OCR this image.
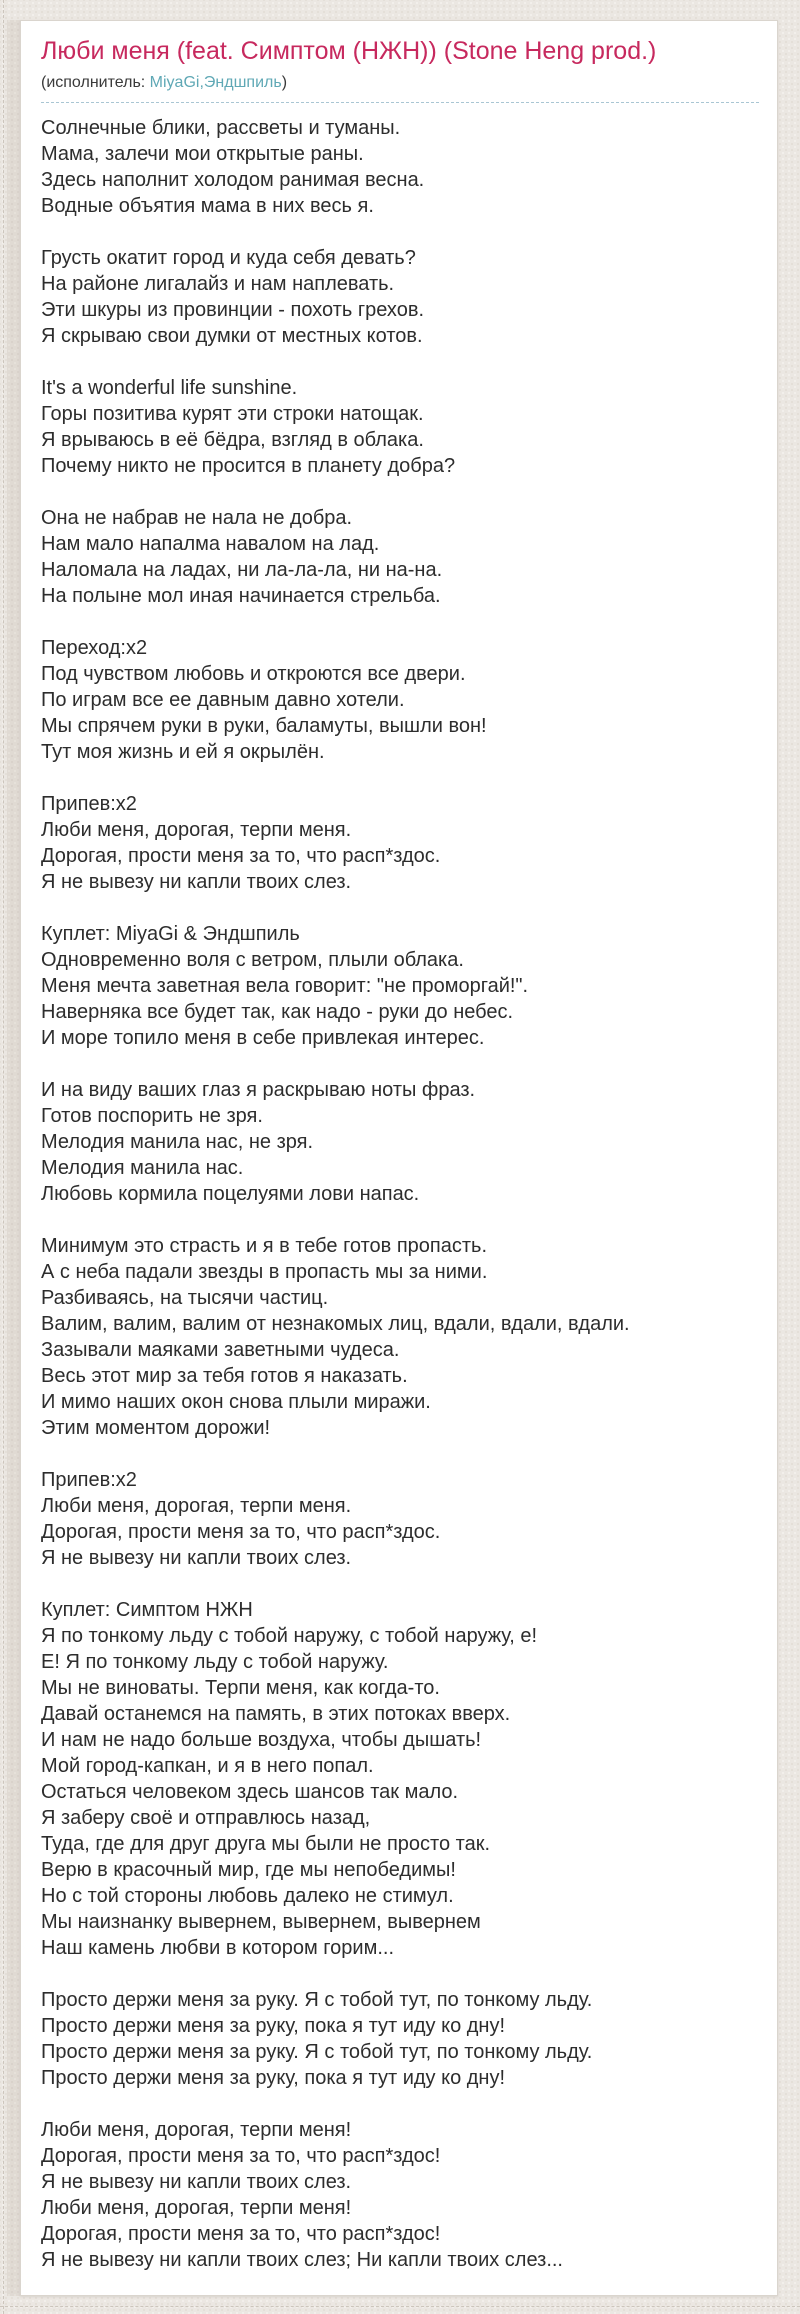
Люби меня (feat. Симптом (НЖН)) (Stone Heng prod.)

(исполнитель: MiyaGi,Эндшпиль)

Солнечные блики, рассветы и туманы.
Мама, залечи мои открытые раны.
Здесь наполнит холодом ранимая весна.
Водные объятия мама в них весь я.
Грусть окатит город и куда себя девать?
На районе лигалайз и нам наплевать.
Эти шкуры из провинции - похоть грехов.
Я скрываю свои думки от местных котов.
It's a wonderful life sunshine.
Горы позитива курят эти строки натощак.
Я врываюсь в её бёдра, взгляд в облака.
Почему никто не просится в планету добра?
Она не набрав не нала не добра.
Нам мало напалма навалом на лад.
Наломала на ладах, ни ла-ла-ла, ни на-на.
На полыне мол иная начинается стрельба.
Переход:x2
Под чувством любовь и откроются все двери.
По играм все ее давным давно хотели.
Мы спрячем руки в руки, баламуты, вышли вон!
Тут моя жизнь и ей я окрылён.
Припев:x2
Люби меня, дорогая, терпи меня.
Дорогая, прости меня за то, что расп*здос.
Я не вывезу ни капли твоих слез.
Куплет: MiyaGi & Эндшпиль
Одновременно воля с ветром, плыли облака.
Меня мечта заветная вела говорит: "не проморгай!".
Наверняка все будет так, как надо - руки до небес.
И море топило меня в себе привлекая интерес.
И на виду ваших глаз я раскрываю ноты фраз.
Готов поспорить не зря.
Мелодия манила нас, не зря.
Мелодия манила нас.
Любовь кормила поцелуями лови напас.
Минимум это страсть и я в тебе готов пропасть.
А с неба падали звезды в пропасть мы за ними.
Разбиваясь, на тысячи частиц.
Валим, валим, валим от незнакомых лиц, вдали, вдали, вдали.
Зазывали маяками заветными чудеса.
Весь этот мир за тебя готов я наказать.
И мимо наших окон снова плыли миражи.
Этим моментом дорожи!
Припев:x2
Люби меня, дорогая, терпи меня.
Дорогая, прости меня за то, что расп*здос.
Я не вывезу ни капли твоих слез.
Куплет: Симптом НЖН
Я по тонкому льду с тобой наружу, с тобой наружу, е!
Е! Я по тонкому льду с тобой наружу.
Мы не виноваты. Терпи меня, как когда-то.
Давай останемся на память, в этих потоках вверх.
И нам не надо больше воздуха, чтобы дышать!
Мой город-капкан, и я в него попал.
Остаться человеком здесь шансов так мало.
Я заберу своё и отправлюсь назад,
Туда, где для друг друга мы были не просто так.
Верю в красочный мир, где мы непобедимы!
Но с той стороны любовь далеко не стимул.
Мы наизнанку вывернем, вывернем, вывернем
Наш камень любви в котором горим...
Просто держи меня за руку. Я с тобой тут, по тонкому льду.
Просто держи меня за руку, пока я тут иду ко дну!
Просто держи меня за руку. Я с тобой тут, по тонкому льду.
Просто держи меня за руку, пока я тут иду ко дну!
Люби меня, дорогая, терпи меня!
Дорогая, прости меня за то, что расп*здос!
Я не вывезу ни капли твоих слез.
Люби меня, дорогая, терпи меня!
Дорогая, прости меня за то, что расп*здос!
Я не вывезу ни капли твоих слез; Ни капли твоих слез...
